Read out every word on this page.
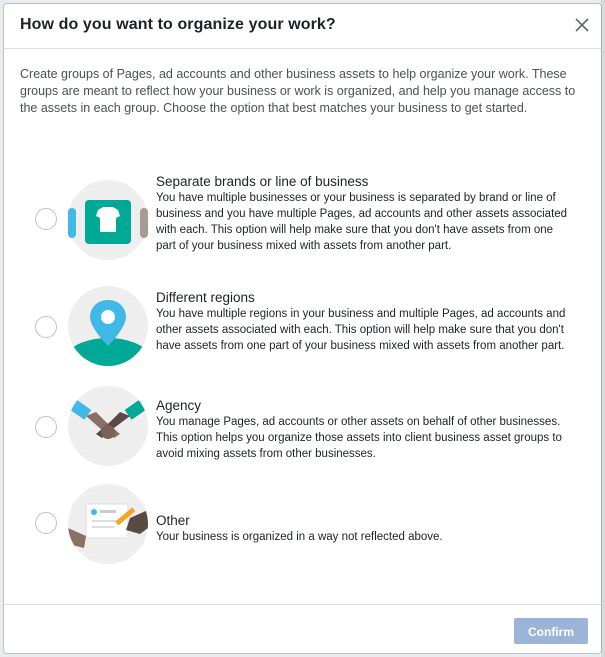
How do you want to organize your work?
Create groups of Pages, ad accounts and other business assets to help organize your work. These groups are meant to reflect how your business or work is organized, and help you manage access to the assets in each group. Choose the option that best matches your business to get started.
Separate brands or line of business
You have multiple businesses or your business is separated by brand or line of business and you have multiple Pages, ad accounts and other assets associated with each. This option will help make sure that you don't have assets from one part of your business mixed with assets from another part.
Different regions
You have multiple regions in your business and multiple Pages, ad accounts and other assets associated with each. This option will help make sure that you don't have assets from one part of your business mixed with assets from another part.
Agency
You manage Pages, ad accounts or other assets on behalf of other businesses. This option helps you organize those assets into client business asset groups to avoid mixing assets from other businesses.
Other
Your business is organized in a way not reflected above.
Confirm
